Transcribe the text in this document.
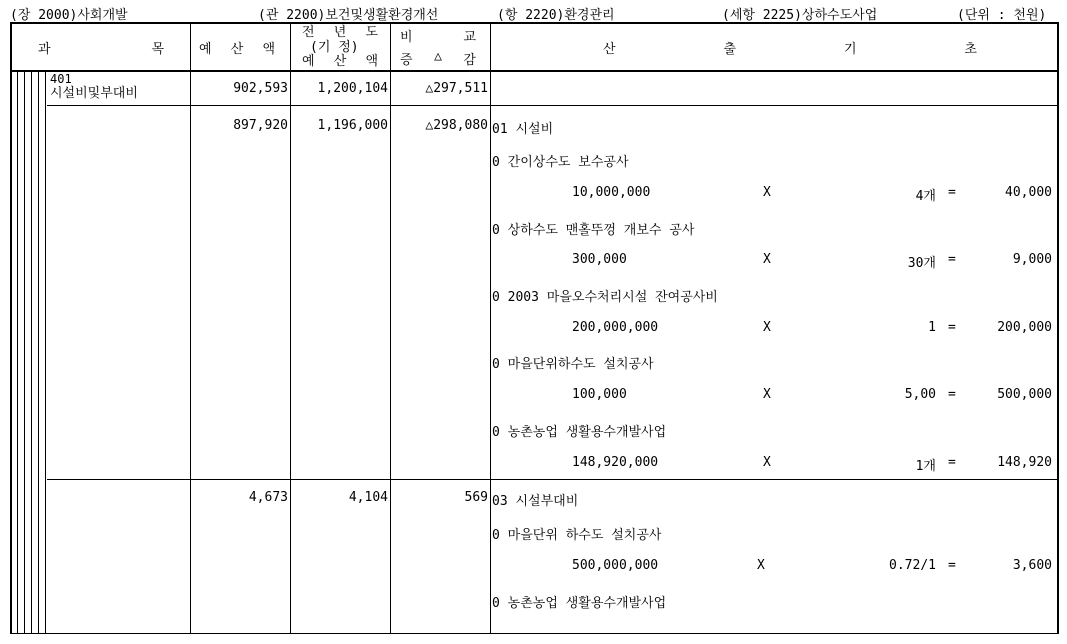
(장 2000)사회개발	(관 2200)보건및생활환경개선	(항 2220)환경관리	(세항 2225)상하수도사업	(단위 : 천원)
과	목	예 산 액
전 년 도
(기 정)
예 산 액
비	교
증 △ 감
산	출	기	초
401
시설비및부대비	902,593	1,200,104	△297,511
897,920	1,196,000	△298,080 01 시설비
0 간이상수도 보수공사
10,000,000	X	4개 =	40,000
0 상하수도 맨홀뚜껑 개보수 공사
300,000	X	30개 =	9,000
0 2003 마을오수처리시설 잔여공사비
200,000,000	X	1 =	200,000
0 마을단위하수도 설치공사
100,000	X	5,00 =	500,000
0 농촌농업 생활용수개발사업
148,920,000	X	1개 =	148,920
4,673	4,104	569 03 시설부대비
0 마을단위 하수도 설치공사
500,000,000	X	0.72/1 =	3,600
0 농촌농업 생활용수개발사업
